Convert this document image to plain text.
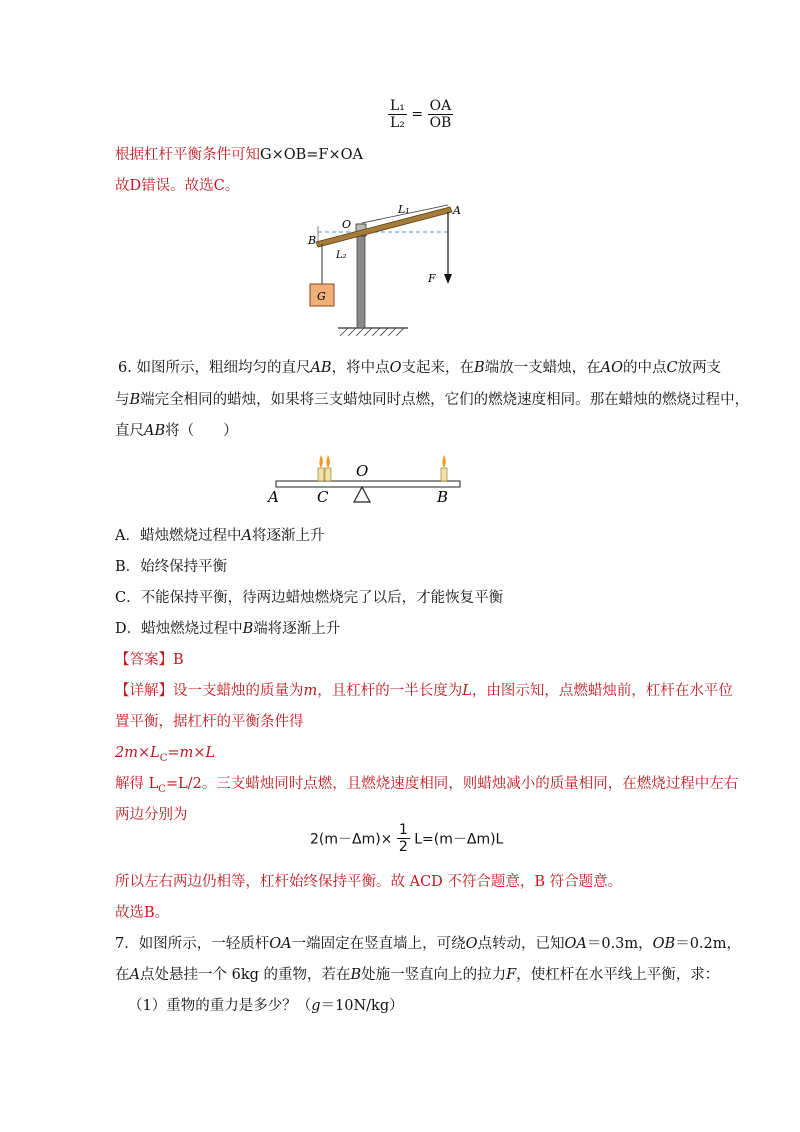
$\frac{\text{L₁}}{\text{L₂}} = \frac{OA}{OB}$
根据杠杆平衡条件可知G×OB=F×OA
故D错误。故选C。
O
L₁	A
B
L₂
F
G
6. 如图所示，粗细均匀的直尺AB，将中点O支起来，在B端放一支蜡烛，在AO的中点C放两支
与B端完全相同的蜡烛，如果将三支蜡烛同时点燃，它们的燃烧速度相同。那在蜡烛的燃烧过程中，
直尺AB将（　　）
O
A	C	B
A．蜡烛燃烧过程中A将逐渐上升
B．始终保持平衡
C．不能保持平衡，待两边蜡烛燃烧完了以后，才能恢复平衡
D．蜡烛燃烧过程中B端将逐渐上升
【答案】B
【详解】设一支蜡烛的质量为m，且杠杆的一半长度为L，由图示知，点燃蜡烛前，杠杆在水平位
置平衡，据杠杆的平衡条件得
$2m\times L_C=m\times L$
解得 $L_C=L/2$。三支蜡烛同时点燃，且燃烧速度相同，则蜡烛减小的质量相同，在燃烧过程中左右
两边分别为
$2(m-\Delta m)\times \frac{1}{2} L=(m-\Delta m)L$
所以左右两边仍相等，杠杆始终保持平衡。故 ACD 不符合题意，B 符合题意。
故选B。
7．如图所示，一轻质杆OA一端固定在竖直墙上，可绕O点转动，已知OA＝0.3m，OB＝0.2m，
在A点处悬挂一个 6kg 的重物，若在B处施一竖直向上的拉力F，使杠杆在水平线上平衡，求：
（1）重物的重力是多少？（g＝10N/kg）
